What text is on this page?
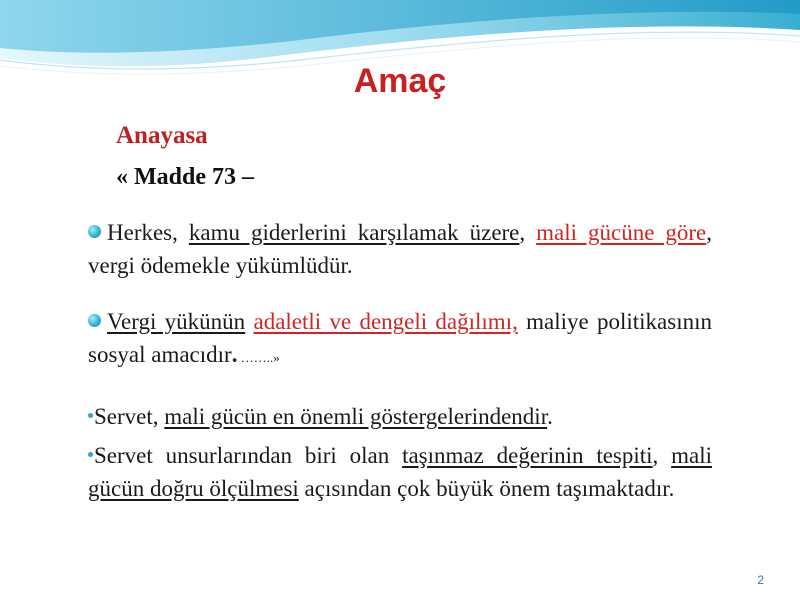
Amaç
Anayasa
« Madde 73 –
Herkes, kamu giderlerini karşılamak üzere, mali gücüne göre, vergi ödemekle yükümlüdür.
Vergi yükünün adaletli ve dengeli dağılımı, maliye politikasının sosyal amacıdır. ……..»
Servet, mali gücün en önemli göstergelerindendir.
Servet unsurlarından biri olan taşınmaz değerinin tespiti, mali gücün doğru ölçülmesi açısından çok büyük önem taşımaktadır.
2
